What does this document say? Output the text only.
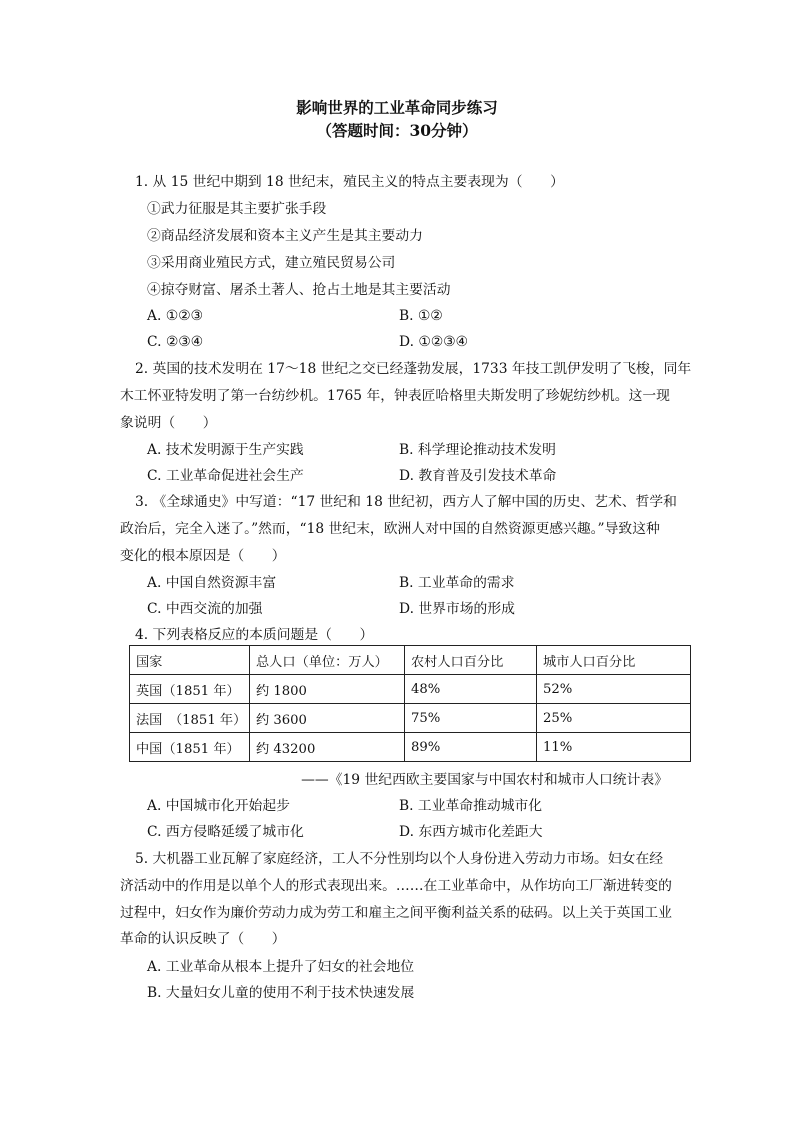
影响世界的工业革命同步练习
（答题时间：30分钟）
1. 从 15 世纪中期到 18 世纪末，殖民主义的特点主要表现为（　　）
①武力征服是其主要扩张手段
②商品经济发展和资本主义产生是其主要动力
③采用商业殖民方式，建立殖民贸易公司
④掠夺财富、屠杀土著人、抢占土地是其主要活动
A. ①②③	B. ①②
C. ②③④	D. ①②③④
2. 英国的技术发明在 17～18 世纪之交已经蓬勃发展，1733 年技工凯伊发明了飞梭，同年
木工怀亚特发明了第一台纺纱机。1765 年，钟表匠哈格里夫斯发明了珍妮纺纱机。这一现
象说明（　　）
A. 技术发明源于生产实践	B. 科学理论推动技术发明
C. 工业革命促进社会生产	D. 教育普及引发技术革命
3. 《全球通史》中写道：“17 世纪和 18 世纪初，西方人了解中国的历史、艺术、哲学和
政治后，完全入迷了。”然而，“18 世纪末，欧洲人对中国的自然资源更感兴趣。”导致这种
变化的根本原因是（　　）
A. 中国自然资源丰富	B. 工业革命的需求
C. 中西交流的加强	D. 世界市场的形成
4. 下列表格反应的本质问题是（　　）
国家	总人口（单位：万人）	农村人口百分比	城市人口百分比
英国（1851 年）	约 1800	48%	52%
法国　（1851 年）	约 3600	75%	25%
中国（1851 年）	约 43200	89%	11%
——《19 世纪西欧主要国家与中国农村和城市人口统计表》
A. 中国城市化开始起步	B. 工业革命推动城市化
C. 西方侵略延缓了城市化	D. 东西方城市化差距大
5. 大机器工业瓦解了家庭经济，工人不分性别均以个人身份进入劳动力市场。妇女在经
济活动中的作用是以单个人的形式表现出来。……在工业革命中，从作坊向工厂渐进转变的
过程中，妇女作为廉价劳动力成为劳工和雇主之间平衡利益关系的砝码。以上关于英国工业
革命的认识反映了（　　）
A. 工业革命从根本上提升了妇女的社会地位
B. 大量妇女儿童的使用不利于技术快速发展
